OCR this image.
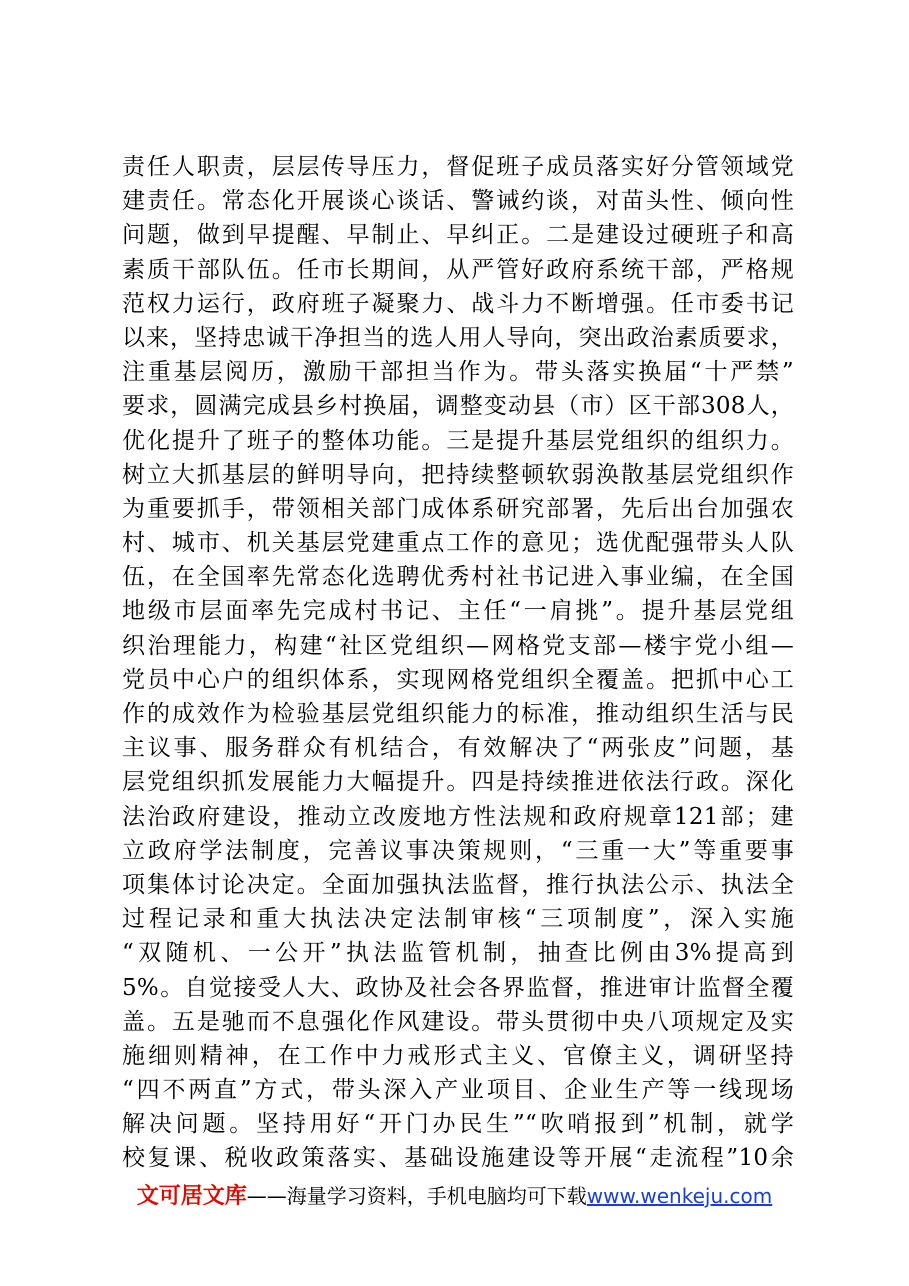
责任人职责，层层传导压力，督促班子成员落实好分管领域党
建责任。常态化开展谈心谈话、警诫约谈，对苗头性、倾向性
问题，做到早提醒、早制止、早纠正。二是建设过硬班子和高
素质干部队伍。任市长期间，从严管好政府系统干部，严格规
范权力运行，政府班子凝聚力、战斗力不断增强。任市委书记
以来，坚持忠诚干净担当的选人用人导向，突出政治素质要求，
注重基层阅历，激励干部担当作为。带头落实换届“十严禁”
要求，圆满完成县乡村换届，调整变动县（市）区干部308人，
优化提升了班子的整体功能。三是提升基层党组织的组织力。
树立大抓基层的鲜明导向，把持续整顿软弱涣散基层党组织作
为重要抓手，带领相关部门成体系研究部署，先后出台加强农
村、城市、机关基层党建重点工作的意见；选优配强带头人队
伍，在全国率先常态化选聘优秀村社书记进入事业编，在全国
地级市层面率先完成村书记、主任“一肩挑”。提升基层党组
织治理能力，构建“社区党组织—网格党支部—楼宇党小组—
党员中心户的组织体系，实现网格党组织全覆盖。把抓中心工
作的成效作为检验基层党组织能力的标准，推动组织生活与民
主议事、服务群众有机结合，有效解决了“两张皮”问题，基
层党组织抓发展能力大幅提升。四是持续推进依法行政。深化
法治政府建设，推动立改废地方性法规和政府规章121部；建
立政府学法制度，完善议事决策规则，“三重一大”等重要事
项集体讨论决定。全面加强执法监督，推行执法公示、执法全
过程记录和重大执法决定法制审核“三项制度”，深入实施
“双随机、一公开”执法监管机制，抽查比例由3%提高到
5%。自觉接受人大、政协及社会各界监督，推进审计监督全覆
盖。五是驰而不息强化作风建设。带头贯彻中央八项规定及实
施细则精神，在工作中力戒形式主义、官僚主义，调研坚持
“四不两直”方式，带头深入产业项目、企业生产等一线现场
解决问题。坚持用好“开门办民生”“吹哨报到”机制，就学
校复课、税收政策落实、基础设施建设等开展“走流程”10余
文可居文库——海量学习资料，手机电脑均可下载www.wenkeju.com
